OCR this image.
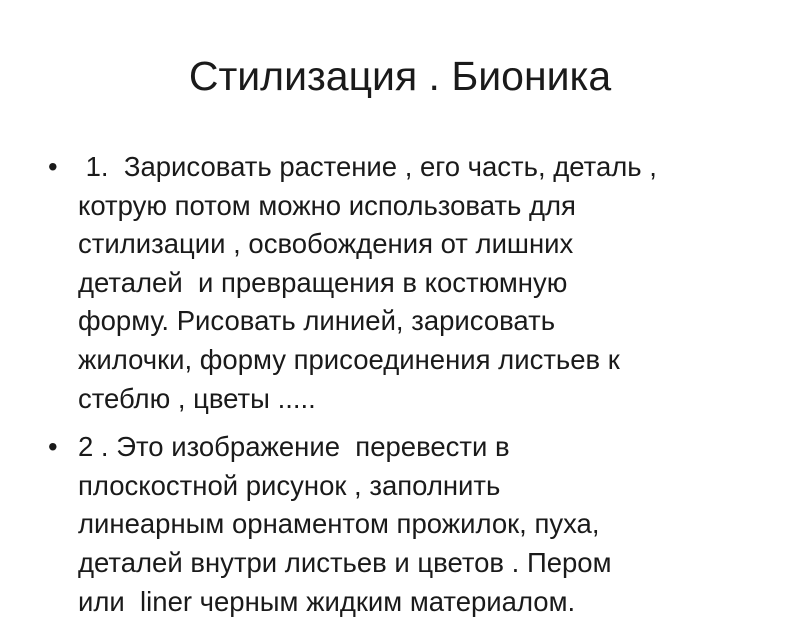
Стилизация . Бионика
• 1.  Зарисовать растение , его часть, деталь ,
котрую потом можно использовать для
стилизации , освобождения от лишних
деталей  и превращения в костюмную
форму. Рисовать линией, зарисовать
жилочки, форму присоединения листьев к
стеблю , цветы .....
• 2 . Это изображение  перевести в
плоскостной рисунок , заполнить
линеарным орнаментом прожилок, пуха,
деталей внутри листьев и цветов . Пером
или  liner черным жидким материалом.
